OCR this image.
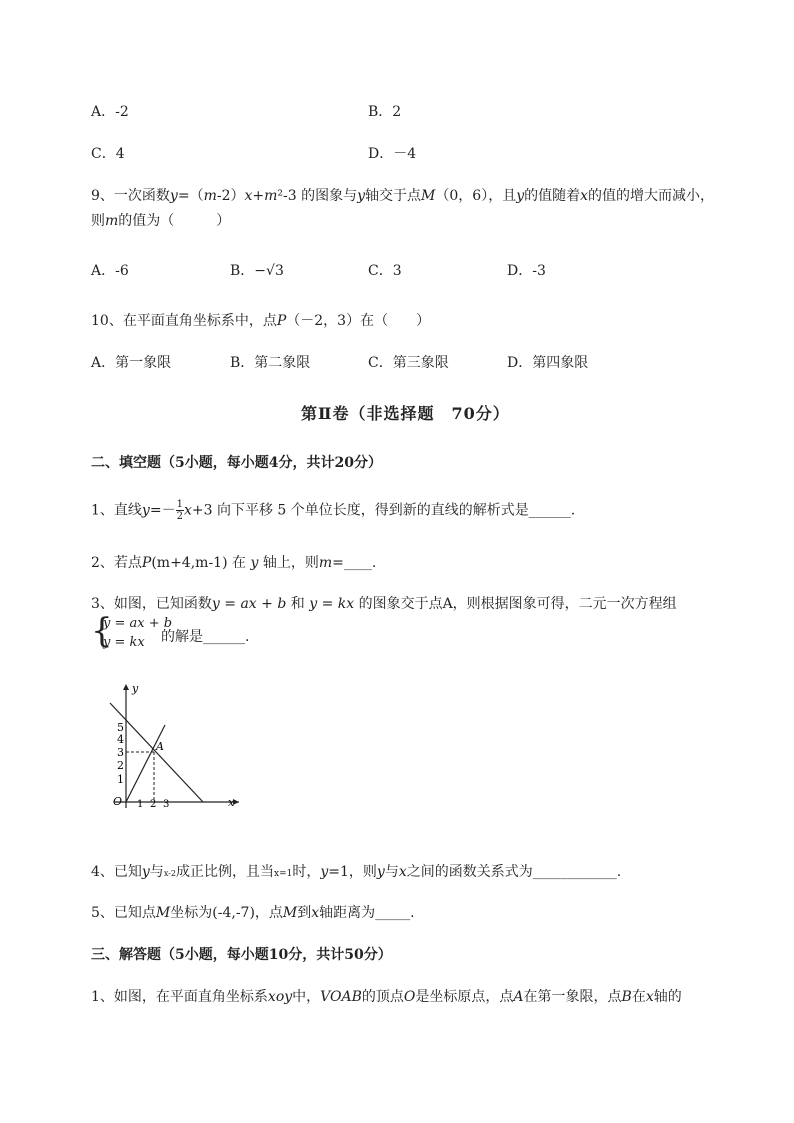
A．-2	B．2
C．4	D．－4
9、一次函数y=（m-2）x+m²-3 的图象与y轴交于点M（0，6），且y的值随着x的值的增大而减小，
则m的值为（　　　）
A．-6	B．−√3	C．3	D．-3
10、在平面直角坐标系中，点P（－2，3）在（　　）
A．第一象限	B．第二象限	C．第三象限	D．第四象限
第Ⅱ卷（非选择题　70分）
二、填空题（5小题，每小题4分，共计20分）
1、直线$y=- \frac{1}{2} x+3$ 向下平移 5 个单位长度，得到新的直线的解析式是______.
2、若点P(m+4,m-1) 在 y 轴上，则m=____.
3、如图，已知函数y = ax + b 和 y = kx 的图象交于点A，则根据图象可得，二元一次方程组
{
y = ax + b
y = kx 的解是______.
y
x
O
A
5
4
3
2
1
1 2 3
4、已知y与x-2成正比例，且当x=1时，y=1，则y与x之间的函数关系式为____________.
5、已知点M坐标为(-4,-7)，点M到x轴距离为_____.
三、解答题（5小题，每小题10分，共计50分）
1、如图，在平面直角坐标系xoy中，VOAB的顶点O是坐标原点，点A在第一象限，点B在x轴的
